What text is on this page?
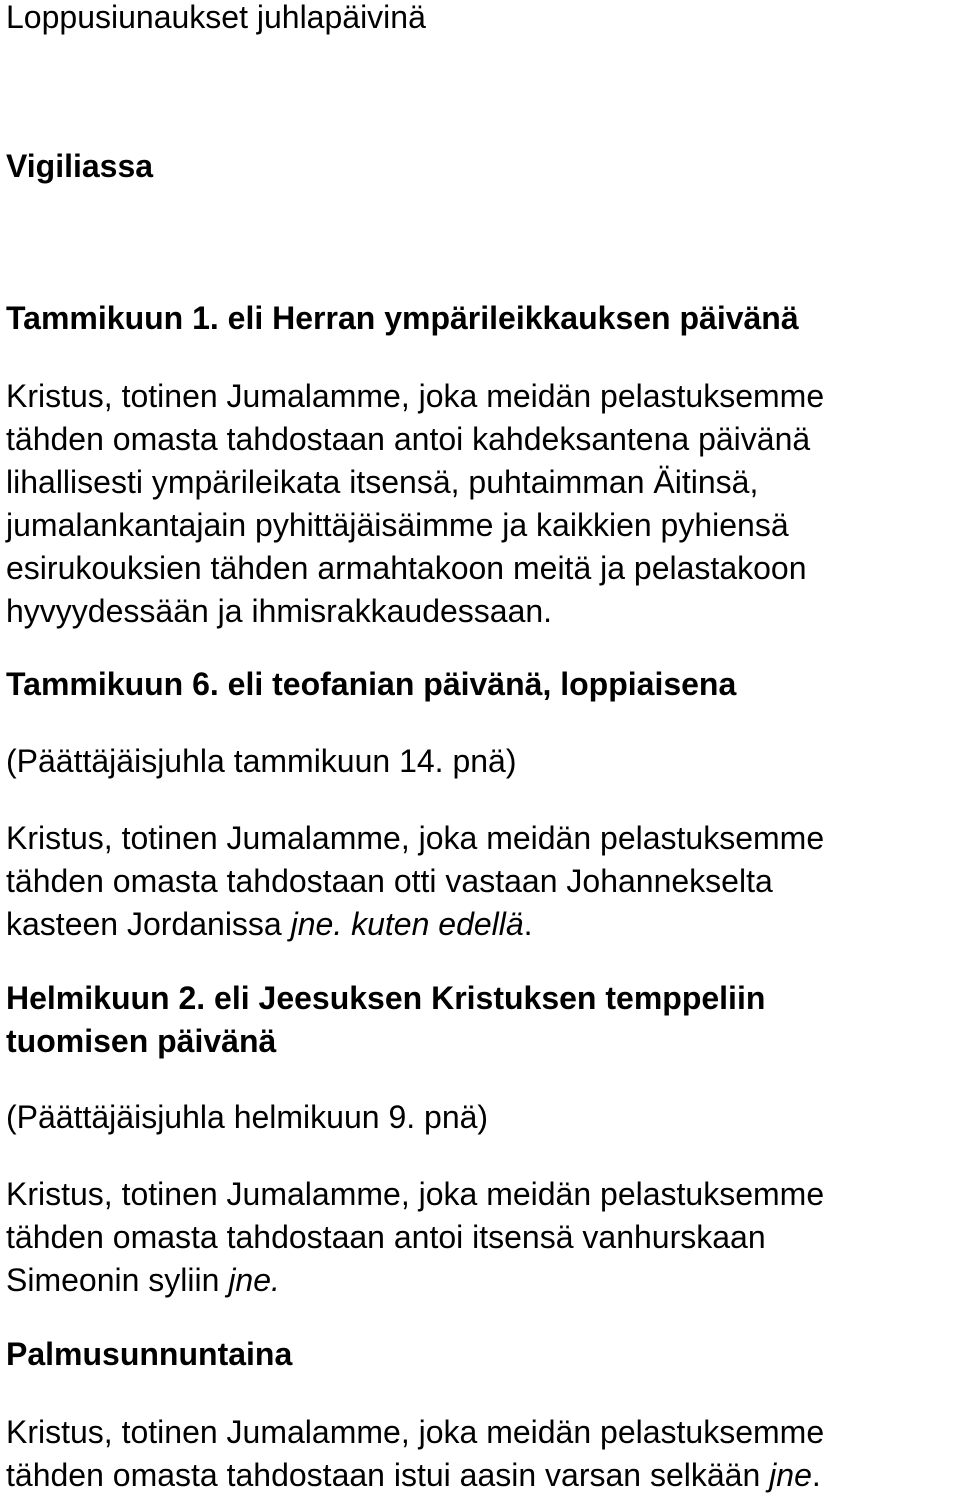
Loppusiunaukset juhlapäivinä
Vigiliassa
Tammikuun 1. eli Herran ympärileikkauksen päivänä
Kristus, totinen Jumalamme, joka meidän pelastuksemme
tähden omasta tahdostaan antoi kahdeksantena päivänä
lihallisesti ympärileikata itsensä, puhtaimman Äitinsä,
jumalankantajain pyhittäjäisäimme ja kaikkien pyhiensä
esirukouksien tähden armahtakoon meitä ja pelastakoon
hyvyydessään ja ihmisrakkaudessaan.
Tammikuun 6. eli teofanian päivänä, loppiaisena
(Päättäjäisjuhla tammikuun 14. pnä)
Kristus, totinen Jumalamme, joka meidän pelastuksemme
tähden omasta tahdostaan otti vastaan Johannekselta
kasteen Jordanissa jne. kuten edellä.
Helmikuun 2. eli Jeesuksen Kristuksen temppeliin
tuomisen päivänä
(Päättäjäisjuhla helmikuun 9. pnä)
Kristus, totinen Jumalamme, joka meidän pelastuksemme
tähden omasta tahdostaan antoi itsensä vanhurskaan
Simeonin syliin jne.
Palmusunnuntaina
Kristus, totinen Jumalamme, joka meidän pelastuksemme
tähden omasta tahdostaan istui aasin varsan selkään jne.
